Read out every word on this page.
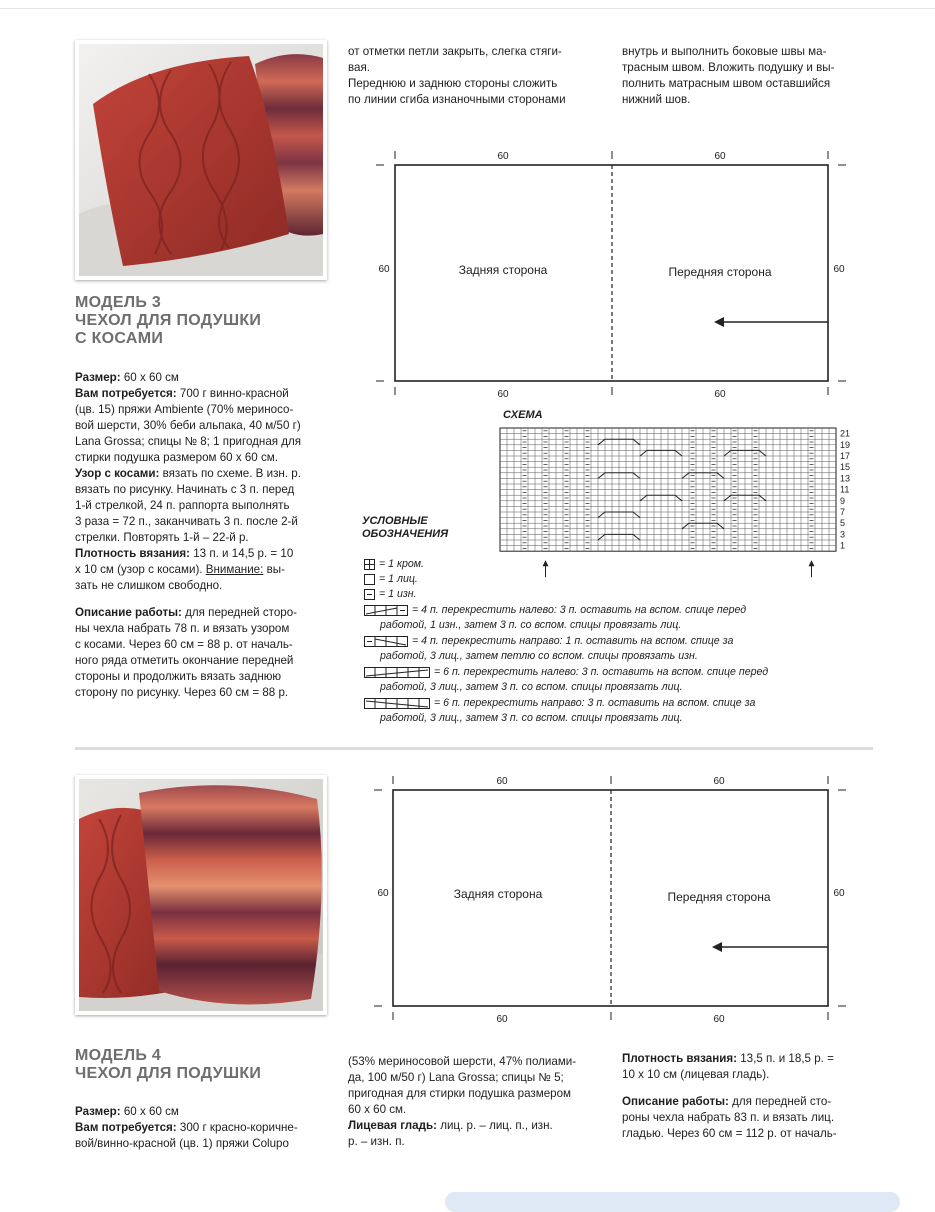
МОДЕЛЬ 3
ЧЕХОЛ ДЛЯ ПОДУШКИ
С КОСАМИ

Размер: 60 х 60 см

Вам потребуется: 700 г винно-красной

(цв. 15) пряжи Ambiente (70% мериносо-

вой шерсти, 30% беби альпака, 40 м/50 г)

Lana Grossa; спицы № 8; 1 пригодная для

стирки подушка размером 60 х 60 см.

Узор с косами: вязать по схеме. В изн. р.

вязать по рисунку. Начинать с 3 п. перед

1-й стрелкой, 24 п. раппорта выполнять

3 раза = 72 п., заканчивать 3 п. после 2-й

стрелки. Повторять 1-й – 22-й р.

Плотность вязания: 13 п. и 14,5 р. = 10

х 10 см (узор с косами). Внимание: вы-

зать не слишком свободно.

Описание работы: для передней сторо-

ны чехла набрать 78 п. и вязать узором

с косами. Через 60 см = 88 р. от началь-

ного ряда отметить окончание передней

стороны и продолжить вязать заднюю

сторону по рисунку. Через 60 см = 88 р.

от отметки петли закрыть, слегка стяги-

вая.

Переднюю и заднюю стороны сложить

по линии сгиба изнаночными сторонами

внутрь и выполнить боковые швы ма-

трасным швом. Вложить подушку и вы-

полнить матрасным швом оставшийся

нижний шов.

60	60
60	60
60	60
Задняя сторона	Передняя сторона
СХЕМА
21
19
17
15
13
11
9
7
5
3
1
УСЛОВНЫЕ
ОБОЗНАЧЕНИЯ
= 1 кром.
= 1 лиц.
= 1 изн.
= 4 п. перекрестить налево: 3 п. оставить на вспом. спице перед
работой, 1 изн., затем 3 п. со вспом. спицы провязать лиц.
= 4 п. перекрестить направо: 1 п. оставить на вспом. спице за
работой, 3 лиц., затем петлю со вспом. спицы провязать изн.
= 6 п. перекрестить налево: 3 п. оставить на вспом. спице перед
работой, 3 лиц., затем 3 п. со вспом. спицы провязать лиц.
= 6 п. перекрестить направо: 3 п. оставить на вспом. спице за
работой, 3 лиц., затем 3 п. со вспом. спицы провязать лиц.
60	60
60	60
60	60
Задняя сторона	Передняя сторона
МОДЕЛЬ 4
ЧЕХОЛ ДЛЯ ПОДУШКИ

Размер: 60 х 60 см

Вам потребуется: 300 г красно-коричне-

вой/винно-красной (цв. 1) пряжи Colupo

(53% мериносовой шерсти, 47% полиами-

да, 100 м/50 г) Lana Grossa; спицы № 5;

пригодная для стирки подушка размером

60 х 60 см.

Лицевая гладь: лиц. р. – лиц. п., изн.

р. – изн. п.

Плотность вязания: 13,5 п. и 18,5 р. =

10 х 10 см (лицевая гладь).

Описание работы: для передней сто-

роны чехла набрать 83 п. и вязать лиц.

гладью. Через 60 см = 112 р. от началь-
